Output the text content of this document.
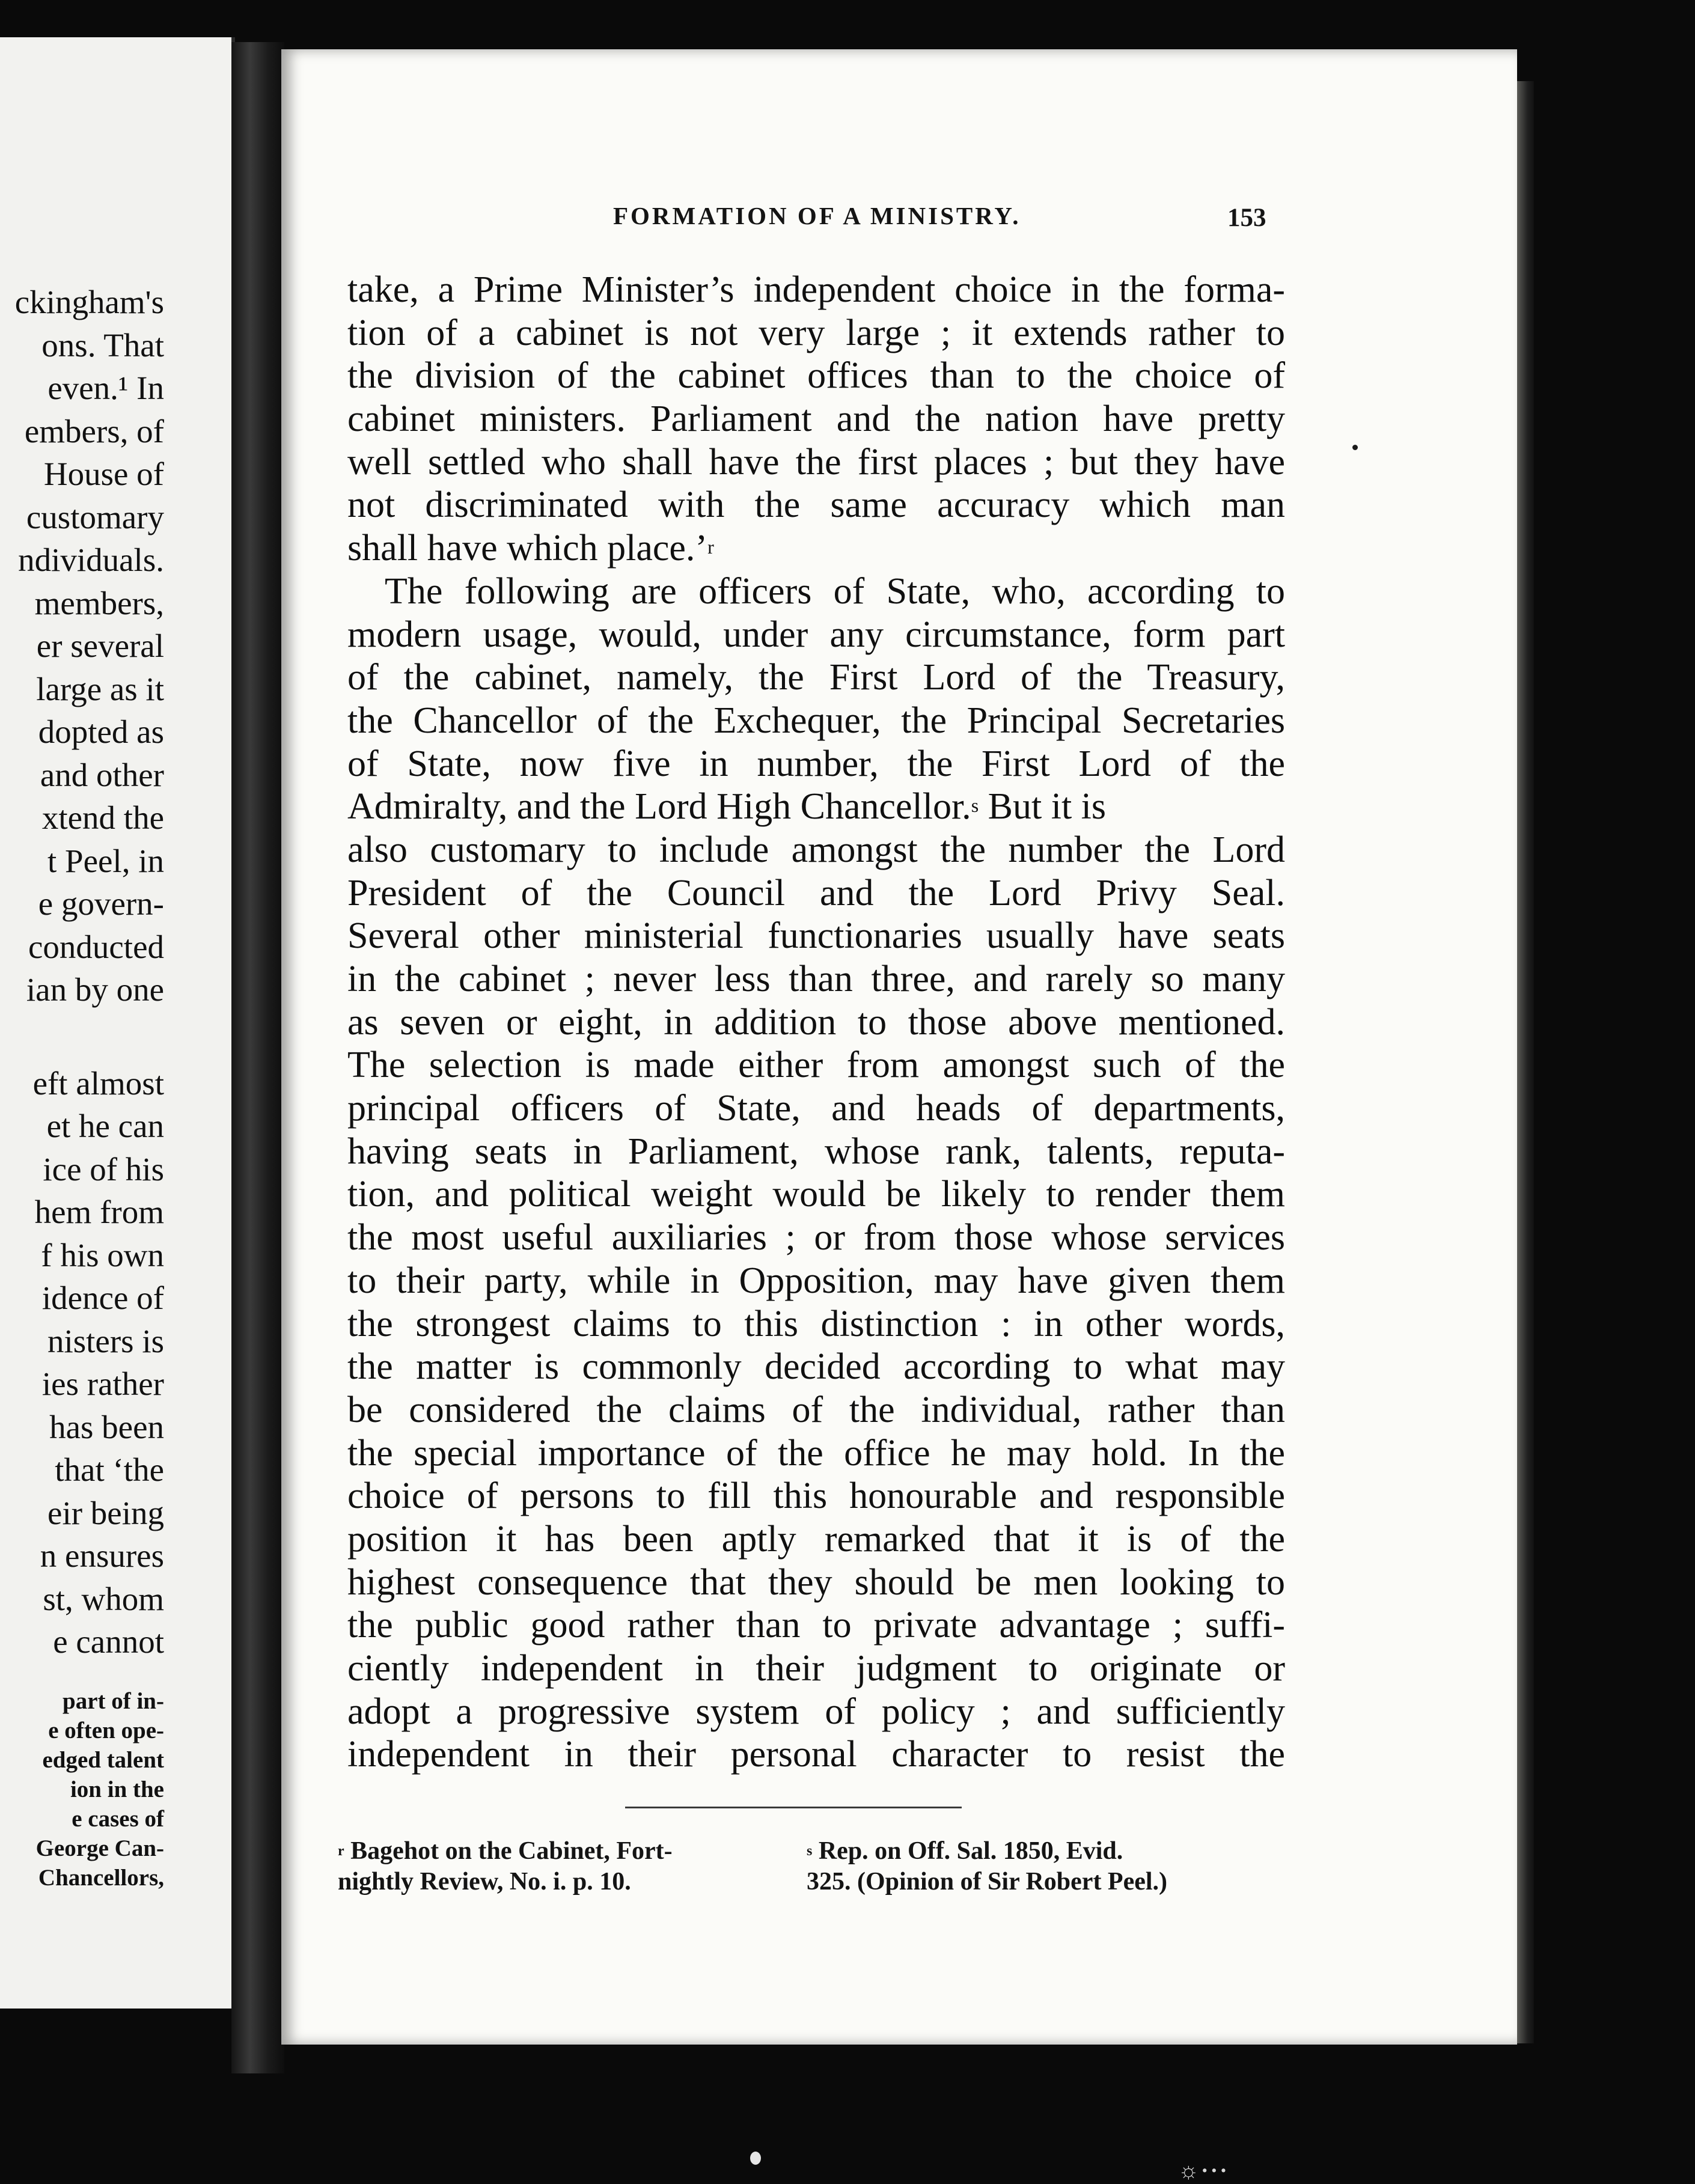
ckingham's
ons. That
even.¹ In
embers, of
House of
customary
ndividuals.
members,
er several
large as it
dopted as
and other
xtend the
t Peel, in
e govern-
conducted
ian by one
eft almost
et he can
ice of his
hem from
f his own
idence of
nisters is
ies rather
has been
that ‘the
eir being
n ensures
st, whom
e cannot
part of in-
e often ope-
edged talent
ion in the
e cases of
George Can-
Chancellors,
FORMATION OF A MINISTRY.	153
take, a Prime Minister’s independent choice in the forma-
tion of a cabinet is not very large ; it extends rather to
the division of the cabinet offices than to the choice of
cabinet ministers. Parliament and the nation have pretty
well settled who shall have the first places ; but they have
not discriminated with the same accuracy which man
shall have which place.’$^r$
The following are officers of State, who, according to
modern usage, would, under any circumstance, form part
of the cabinet, namely, the First Lord of the Treasury,
the Chancellor of the Exchequer, the Principal Secretaries
of State, now five in number, the First Lord of the
Admiralty, and the Lord High Chancellor.$^s$ But it is
also customary to include amongst the number the Lord
President of the Council and the Lord Privy Seal.
Several other ministerial functionaries usually have seats
in the cabinet ; never less than three, and rarely so many
as seven or eight, in addition to those above mentioned.
The selection is made either from amongst such of the
principal officers of State, and heads of departments,
having seats in Parliament, whose rank, talents, reputa-
tion, and political weight would be likely to render them
the most useful auxiliaries ; or from those whose services
to their party, while in Opposition, may have given them
the strongest claims to this distinction : in other words,
the matter is commonly decided according to what may
be considered the claims of the individual, rather than
the special importance of the office he may hold. In the
choice of persons to fill this honourable and responsible
position it has been aptly remarked that it is of the
highest consequence that they should be men looking to
the public good rather than to private advantage ; suffi-
ciently independent in their judgment to originate or
adopt a progressive system of policy ; and sufficiently
independent in their personal character to resist the
$^r$ Bagehot on the Cabinet, Fort-
nightly Review, No. i. p. 10.
$^s$ Rep. on Off. Sal. 1850, Evid.
325. (Opinion of Sir Robert Peel.)
☼···
